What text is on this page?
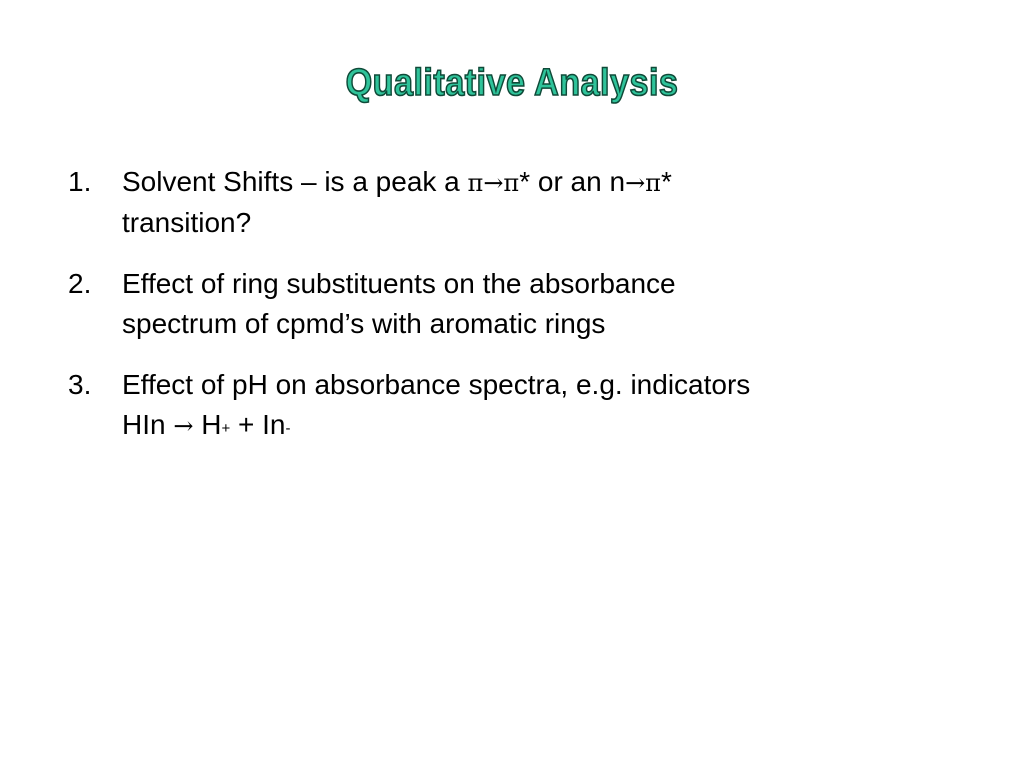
Qualitative Analysis
1.	Solvent Shifts – is a peak a π→π* or an n→π*
transition?
2.	Effect of ring substituents on the absorbance
spectrum of cpmd’s with aromatic rings
3.	Effect of pH on absorbance spectra, e.g. indicators
HIn → H+ + In-
